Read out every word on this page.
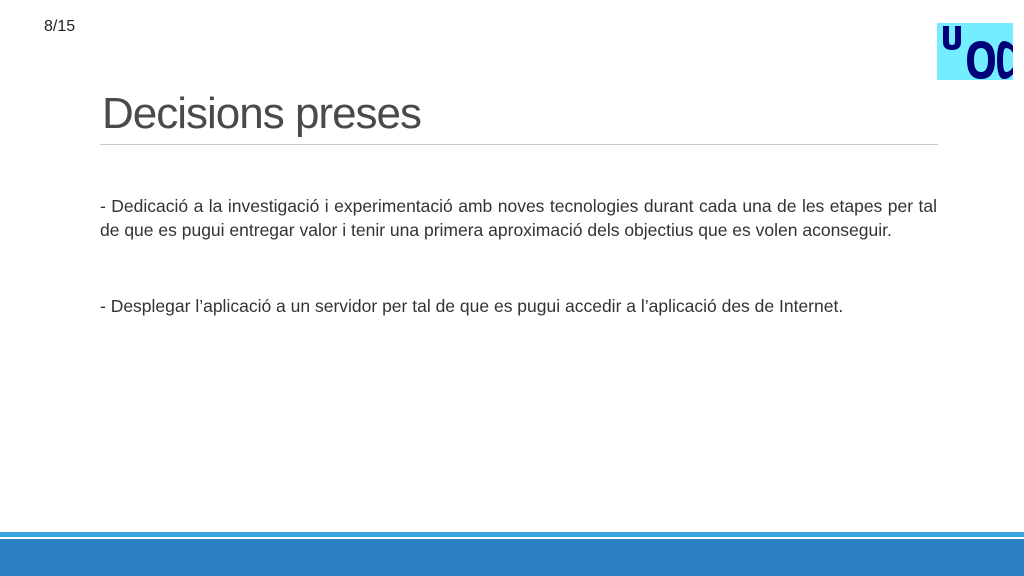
8/15
Decisions preses

- Dedicació a la investigació i experimentació amb noves tecnologies durant cada una de les etapes per tal de que es pugui entregar valor i tenir una primera aproximació dels objectius que es volen aconseguir.

- Desplegar l’aplicació a un servidor per tal de que es pugui accedir a l’aplicació des de Internet.
